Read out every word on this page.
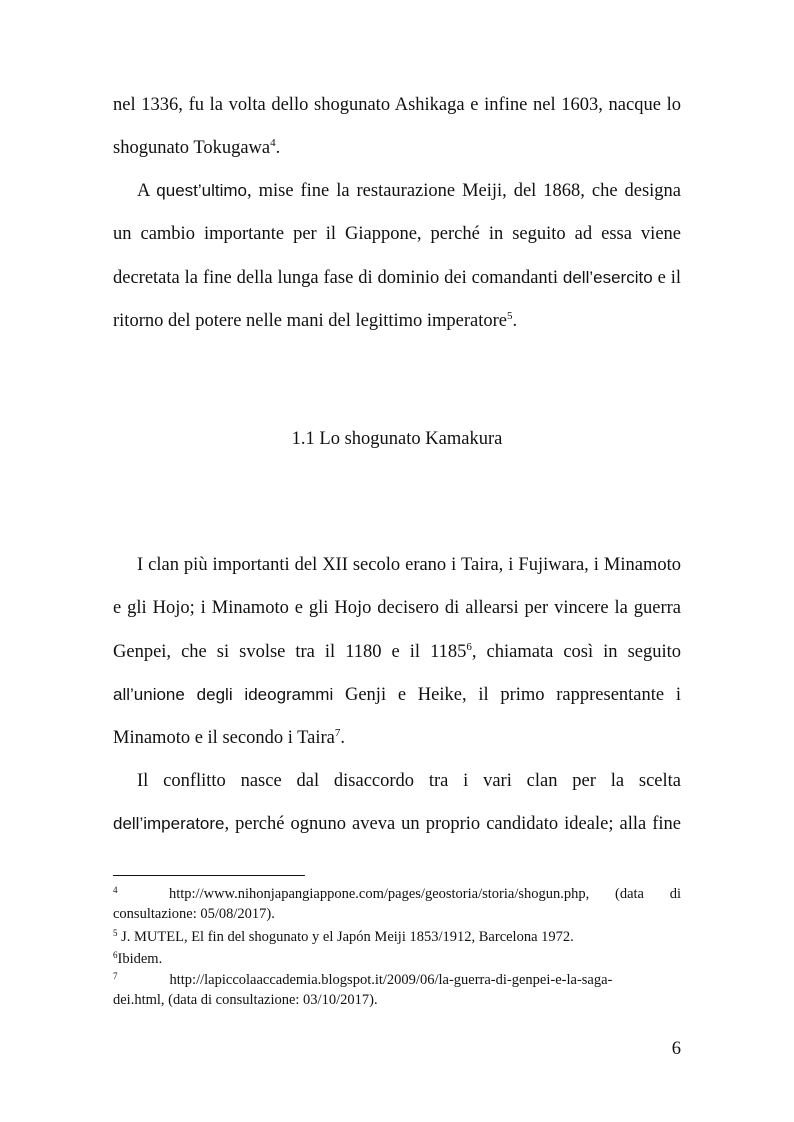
nel 1336, fu la volta dello shogunato Ashikaga e infine nel 1603, nacque lo
shogunato Tokugawa$^4$.
A quest’ultimo, mise fine la restaurazione Meiji, del 1868, che designa
un cambio importante per il Giappone, perché in seguito ad essa viene
decretata la fine della lunga fase di dominio dei comandanti dell’esercito e il
ritorno del potere nelle mani del legittimo imperatore$^5$.
1.1 Lo shogunato Kamakura
I clan più importanti del XII secolo erano i Taira, i Fujiwara, i Minamoto
e gli Hojo; i Minamoto e gli Hojo decisero di allearsi per vincere la guerra
Genpei, che si svolse tra il 1180 e il 1185$^6$, chiamata così in seguito
all’unione degli ideogrammi Genji e Heike, il primo rappresentante i
Minamoto e il secondo i Taira$^7$.
Il conflitto nasce dal disaccordo tra i vari clan per la scelta
dell’imperatore, perché ognuno aveva un proprio candidato ideale; alla fine
$^4$	http://www.nihonjapangiappone.com/pages/geostoria/storia/shogun.php, (data di
consultazione: 05/08/2017).
$^5$ J. MUTEL, El fin del shogunato y el Japón Meiji 1853/1912, Barcelona 1972.
$^6$Ibidem.
$^7$	http://lapiccolaaccademia.blogspot.it/2009/06/la-guerra-di-genpei-e-la-saga-
dei.html, (data di consultazione: 03/10/2017).
6
